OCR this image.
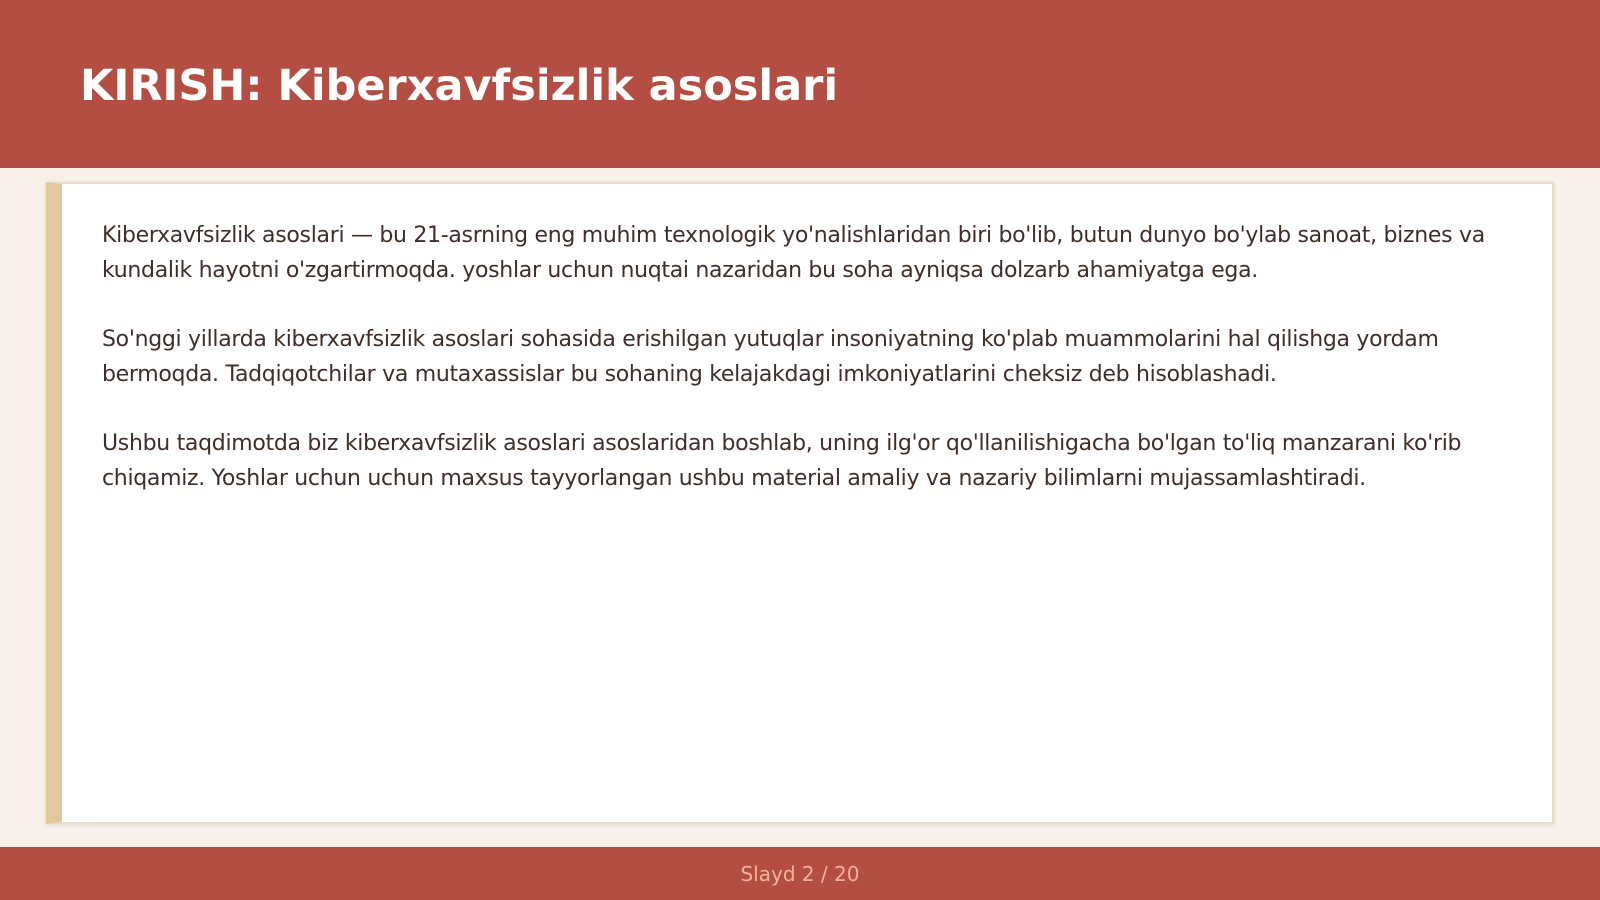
KIRISH: Kiberxavfsizlik asoslari

Kiberxavfsizlik asoslari — bu 21-asrning eng muhim texnologik yo'nalishlaridan biri bo'lib, butun dunyo bo'ylab sanoat, biznes va kundalik hayotni o'zgartirmoqda. yoshlar uchun nuqtai nazaridan bu soha ayniqsa dolzarb ahamiyatga ega.

So'nggi yillarda kiberxavfsizlik asoslari sohasida erishilgan yutuqlar insoniyatning ko'plab muammolarini hal qilishga yordam bermoqda. Tadqiqotchilar va mutaxassislar bu sohaning kelajakdagi imkoniyatlarini cheksiz deb hisoblashadi.

Ushbu taqdimotda biz kiberxavfsizlik asoslari asoslaridan boshlab, uning ilg'or qo'llanilishigacha bo'lgan to'liq manzarani ko'rib chiqamiz. Yoshlar uchun uchun maxsus tayyorlangan ushbu material amaliy va nazariy bilimlarni mujassamlashtiradi.

Slayd 2 / 20
